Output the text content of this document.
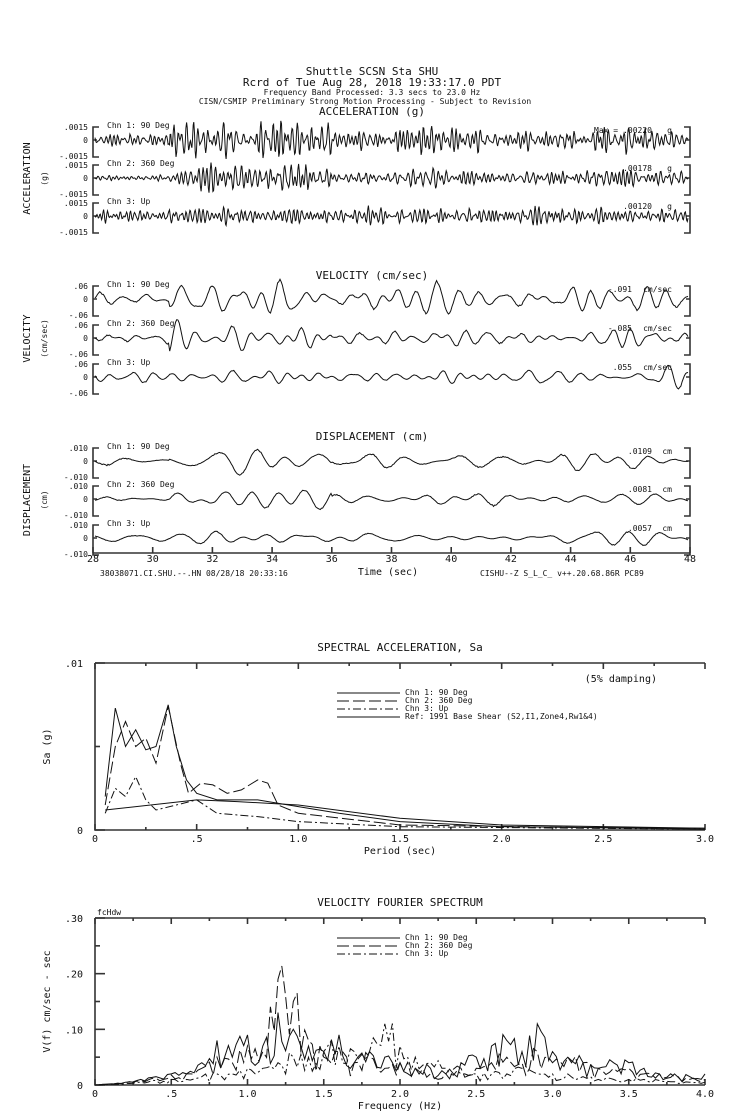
Shuttle SCSN Sta SHU
Rcrd of Tue Aug 28, 2018 19:33:17.0 PDT
Frequency Band Processed: 3.3 secs to 23.0 Hz
CISN/CSMIP Preliminary Strong Motion Processing - Subject to Revision
ACCELERATION (g)
ACCELERATION (g)
.0015
0
-.0015
Chn 1: 90 Deg
Max = .00220 g
.0015
0
-.0015
Chn 2: 360 Deg
.00178 g
.0015
0
-.0015
Chn 3: Up
.00120 g
VELOCITY (cm/sec)
VELOCITY (cm/sec)
.06
0
-.06
Chn 1: 90 Deg
-.091 cm/sec
.06
0
-.06
Chn 2: 360 Deg
-.085 cm/sec
.06
0
-.06
Chn 3: Up
.055 cm/sec
DISPLACEMENT (cm)
DISPLACEMENT (cm)
.010
0
-.010
Chn 1: 90 Deg
.0109 cm
.010
0
-.010
Chn 2: 360 Deg
.0081 cm
.010
0
-.010
Chn 3: Up
.0057 cm
28	30	32	34	36	38	40	42	44	46	48
Time (sec)
38038071.CI.SHU.--.HN 08/28/18 20:33:16	CISHU--Z S_L_C_ v++.20.68.86R PC89
SPECTRAL ACCELERATION, Sa
0	.5	1.0	1.5	2.0	2.5	3.0
.01
0
Period (sec)
Sa (g)
(5% damping)
Chn 1: 90 Deg
Chn 2: 360 Deg
Chn 3: Up
Ref: 1991 Base Shear (S2,I1,Zone4,Rw1&4)
VELOCITY FOURIER SPECTRUM
0	.5	1.0	1.5	2.0	2.5	3.0	3.5	4.0
.30
.20
.10
0
Frequency (Hz)
V(f) cm/sec - sec
fcHdw
Chn 1: 90 Deg
Chn 2: 360 Deg
Chn 3: Up
